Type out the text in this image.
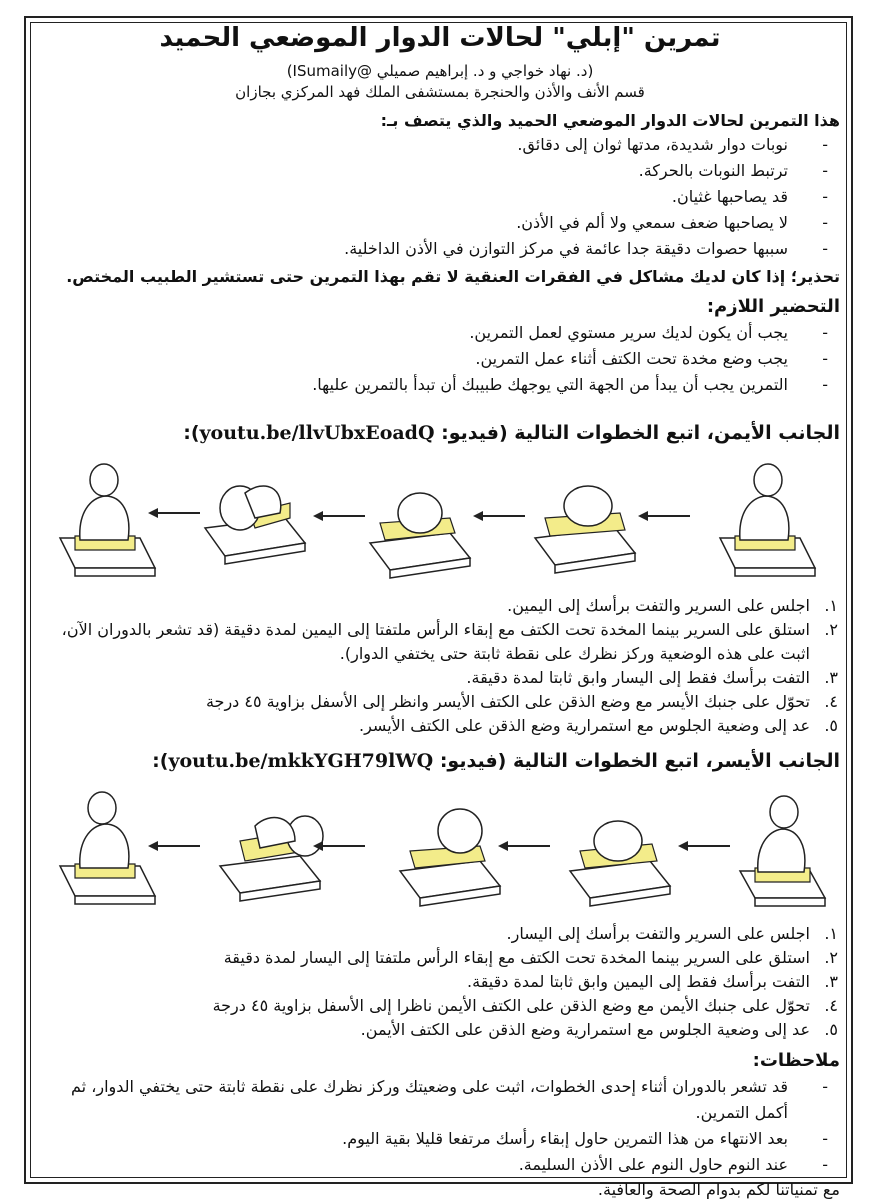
تمرين "إبلي" لحالات الدوار الموضعي الحميد
(د. نهاد خواجي و د. إبراهيم صميلي @ISumaily)
قسم الأنف والأذن والحنجرة بمستشفى الملك فهد المركزي بجازان
هذا التمرين لحالات الدوار الموضعي الحميد والذي يتصف بـ:
- نوبات دوار شديدة، مدتها ثوان إلى دقائق.
- ترتبط النوبات بالحركة.
- قد يصاحبها غثيان.
- لا يصاحبها ضعف سمعي ولا ألم في الأذن.
- سببها حصوات دقيقة جدا عائمة في مركز التوازن في الأذن الداخلية.
تحذير؛ إذا كان لديك مشاكل في الفقرات العنقية لا تقم بهذا التمرين حتى تستشير الطبيب المختص.
التحضير اللازم:
- يجب أن يكون لديك سرير مستوي لعمل التمرين.
- يجب وضع مخدة تحت الكتف أثناء عمل التمرين.
- التمرين يجب أن يبدأ من الجهة التي يوجهك طبيبك أن تبدأ بالتمرين عليها.
الجانب الأيمن، اتبع الخطوات التالية (فيديو: youtu.be/llvUbxEoadQ):
١.
اجلس على السرير والتفت برأسك إلى اليمين.
٢.
استلق على السرير بينما المخدة تحت الكتف مع إبقاء الرأس ملتفتا إلى اليمين لمدة دقيقة (قد تشعر بالدوران الآن، اثبت على هذه الوضعية وركز نظرك على نقطة ثابتة حتى يختفي الدوار).
٣.
التفت برأسك فقط إلى اليسار وابق ثابتا لمدة دقيقة.
٤.
تحوّل على جنبك الأيسر مع وضع الذقن على الكتف الأيسر وانظر إلى الأسفل بزاوية ٤٥ درجة
٥.
عد إلى وضعية الجلوس مع استمرارية وضع الذقن على الكتف الأيسر.
الجانب الأيسر، اتبع الخطوات التالية (فيديو: youtu.be/mkkYGH79lWQ):
١.
اجلس على السرير والتفت برأسك إلى اليسار.
٢.
استلق على السرير بينما المخدة تحت الكتف مع إبقاء الرأس ملتفتا إلى اليسار لمدة دقيقة
٣.
التفت برأسك فقط إلى اليمين وابق ثابتا لمدة دقيقة.
٤.
تحوّل على جنبك الأيمن مع وضع الذقن على الكتف الأيمن ناظرا إلى الأسفل بزاوية ٤٥ درجة
٥.
عد إلى وضعية الجلوس مع استمرارية وضع الذقن على الكتف الأيمن.
ملاحظات:
- قد تشعر بالدوران أثناء إحدى الخطوات، اثبت على وضعيتك وركز نظرك على نقطة ثابتة حتى يختفي الدوار، ثم أكمل التمرين.
- بعد الانتهاء من هذا التمرين حاول إبقاء رأسك مرتفعا قليلا بقية اليوم.
- عند النوم حاول النوم على الأذن السليمة.
مع تمنياتنا لكم بدوام الصحة والعافية.
